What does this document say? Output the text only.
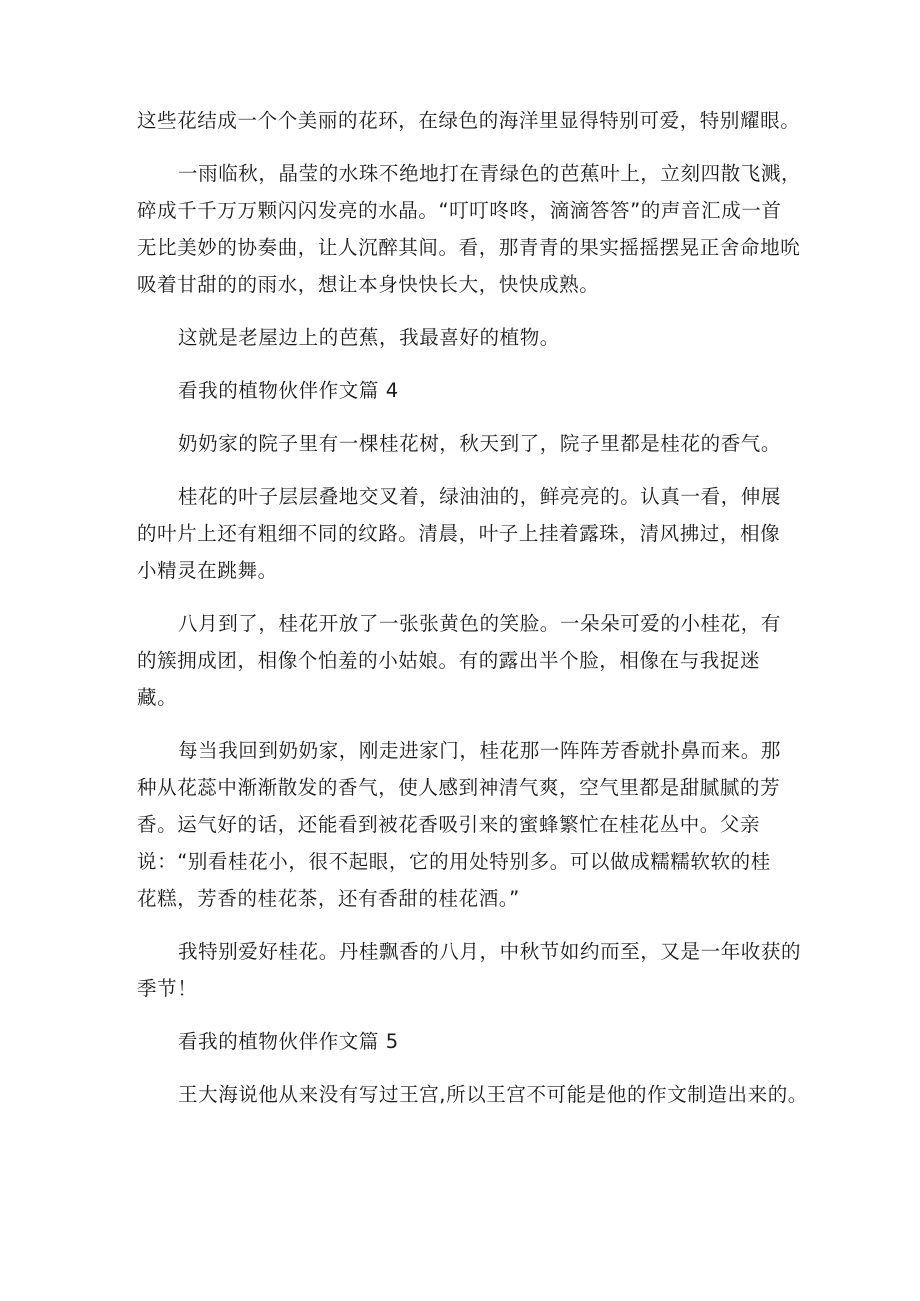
这些花结成一个个美丽的花环，在绿色的海洋里显得特别可爱，特别耀眼。

一雨临秋，晶莹的水珠不绝地打在青绿色的芭蕉叶上，立刻四散飞溅，

碎成千千万万颗闪闪发亮的水晶。“叮叮咚咚，滴滴答答”的声音汇成一首

无比美妙的协奏曲，让人沉醉其间。看，那青青的果实摇摇摆晃正舍命地吮

吸着甘甜的的雨水，想让本身快快长大，快快成熟。

这就是老屋边上的芭蕉，我最喜好的植物。

看我的植物伙伴作文篇 4

奶奶家的院子里有一棵桂花树，秋天到了，院子里都是桂花的香气。

桂花的叶子层层叠地交叉着，绿油油的，鲜亮亮的。认真一看，伸展

的叶片上还有粗细不同的纹路。清晨，叶子上挂着露珠，清风拂过，相像

小精灵在跳舞。

八月到了，桂花开放了一张张黄色的笑脸。一朵朵可爱的小桂花，有

的簇拥成团，相像个怕羞的小姑娘。有的露出半个脸，相像在与我捉迷

藏。

每当我回到奶奶家，刚走进家门，桂花那一阵阵芳香就扑鼻而来。那

种从花蕊中渐渐散发的香气，使人感到神清气爽，空气里都是甜腻腻的芳

香。运气好的话，还能看到被花香吸引来的蜜蜂繁忙在桂花丛中。父亲

说：“别看桂花小，很不起眼，它的用处特别多。可以做成糯糯软软的桂

花糕，芳香的桂花茶，还有香甜的桂花酒。”

我特别爱好桂花。丹桂飘香的八月，中秋节如约而至，又是一年收获的

季节！

看我的植物伙伴作文篇 5

王大海说他从来没有写过王宫,所以王宫不可能是他的作文制造出来的。
